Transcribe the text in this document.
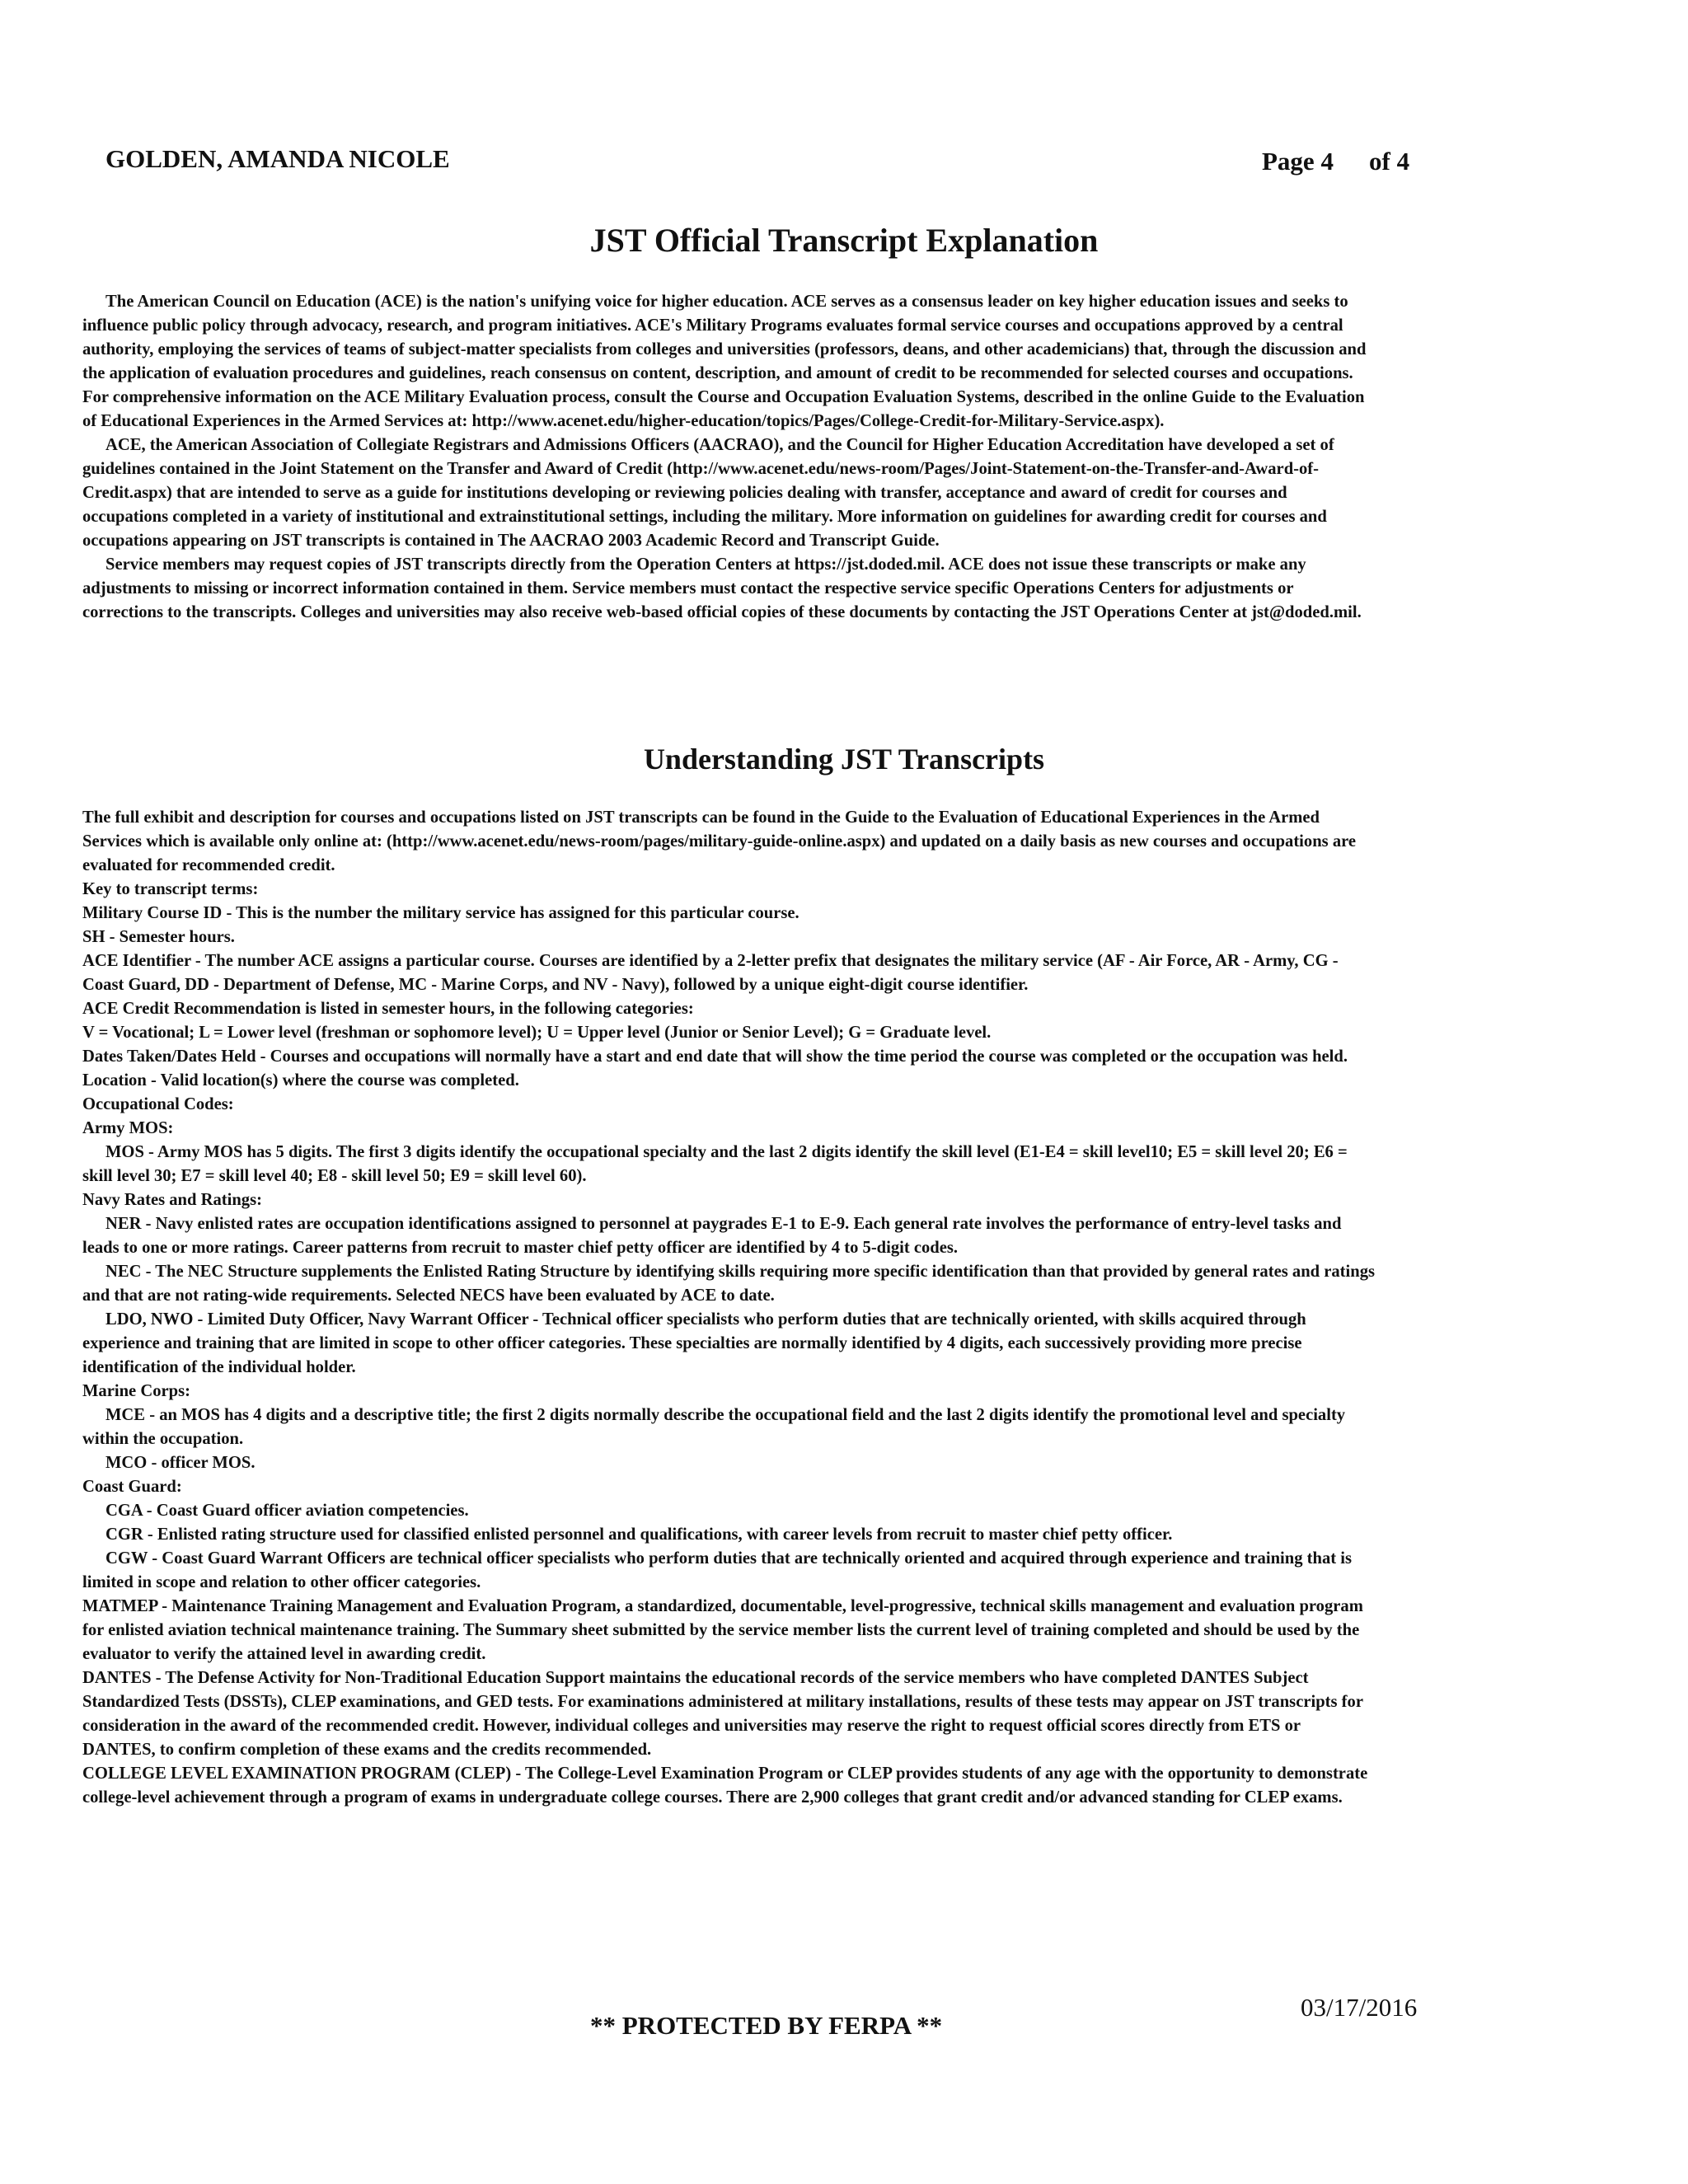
GOLDEN, AMANDA NICOLE	Page 4 of 4
JST Official Transcript Explanation

The American Council on Education (ACE) is the nation's unifying voice for higher education. ACE serves as a consensus leader on key higher education issues and seeks to influence public policy through advocacy, research, and program initiatives. ACE's Military Programs evaluates formal service courses and occupations approved by a central authority, employing the services of teams of subject-matter specialists from colleges and universities (professors, deans, and other academicians) that, through the discussion and the application of evaluation procedures and guidelines, reach consensus on content, description, and amount of credit to be recommended for selected courses and occupations. For comprehensive information on the ACE Military Evaluation process, consult the Course and Occupation Evaluation Systems, described in the online Guide to the Evaluation of Educational Experiences in the Armed Services at: http://www.acenet.edu/higher-education/topics/Pages/College-Credit-for-Military-Service.aspx).

ACE, the American Association of Collegiate Registrars and Admissions Officers (AACRAO), and the Council for Higher Education Accreditation have developed a set of guidelines contained in the Joint Statement on the Transfer and Award of Credit (http://www.acenet.edu/news-room/Pages/Joint-Statement-on-the-Transfer-and-Award-of-Credit.aspx) that are intended to serve as a guide for institutions developing or reviewing policies dealing with transfer, acceptance and award of credit for courses and occupations completed in a variety of institutional and extrainstitutional settings, including the military. More information on guidelines for awarding credit for courses and occupations appearing on JST transcripts is contained in The AACRAO 2003 Academic Record and Transcript Guide.

Service members may request copies of JST transcripts directly from the Operation Centers at https://jst.doded.mil. ACE does not issue these transcripts or make any adjustments to missing or incorrect information contained in them. Service members must contact the respective service specific Operations Centers for adjustments or corrections to the transcripts. Colleges and universities may also receive web-based official copies of these documents by contacting the JST Operations Center at jst@doded.mil.

Understanding JST Transcripts

The full exhibit and description for courses and occupations listed on JST transcripts can be found in the Guide to the Evaluation of Educational Experiences in the Armed Services which is available only online at: (http://www.acenet.edu/news-room/pages/military-guide-online.aspx) and updated on a daily basis as new courses and occupations are evaluated for recommended credit.

Key to transcript terms:

Military Course ID - This is the number the military service has assigned for this particular course.

SH - Semester hours.

ACE Identifier - The number ACE assigns a particular course. Courses are identified by a 2-letter prefix that designates the military service (AF - Air Force, AR - Army, CG - Coast Guard, DD - Department of Defense, MC - Marine Corps, and NV - Navy), followed by a unique eight-digit course identifier.

ACE Credit Recommendation is listed in semester hours, in the following categories:

V = Vocational; L = Lower level (freshman or sophomore level); U = Upper level (Junior or Senior Level); G = Graduate level.

Dates Taken/Dates Held - Courses and occupations will normally have a start and end date that will show the time period the course was completed or the occupation was held.

Location - Valid location(s) where the course was completed.

Occupational Codes:

Army MOS:

MOS - Army MOS has 5 digits. The first 3 digits identify the occupational specialty and the last 2 digits identify the skill level (E1-E4 = skill level10; E5 = skill level 20; E6 = skill level 30; E7 = skill level 40; E8 - skill level 50; E9 = skill level 60).

Navy Rates and Ratings:

NER - Navy enlisted rates are occupation identifications assigned to personnel at paygrades E-1 to E-9. Each general rate involves the performance of entry-level tasks and leads to one or more ratings. Career patterns from recruit to master chief petty officer are identified by 4 to 5-digit codes.

NEC - The NEC Structure supplements the Enlisted Rating Structure by identifying skills requiring more specific identification than that provided by general rates and ratings and that are not rating-wide requirements. Selected NECS have been evaluated by ACE to date.

LDO, NWO - Limited Duty Officer, Navy Warrant Officer - Technical officer specialists who perform duties that are technically oriented, with skills acquired through experience and training that are limited in scope to other officer categories. These specialties are normally identified by 4 digits, each successively providing more precise identification of the individual holder.

Marine Corps:

MCE - an MOS has 4 digits and a descriptive title; the first 2 digits normally describe the occupational field and the last 2 digits identify the promotional level and specialty within the occupation.

MCO - officer MOS.

Coast Guard:

CGA - Coast Guard officer aviation competencies.

CGR - Enlisted rating structure used for classified enlisted personnel and qualifications, with career levels from recruit to master chief petty officer.

CGW - Coast Guard Warrant Officers are technical officer specialists who perform duties that are technically oriented and acquired through experience and training that is limited in scope and relation to other officer categories.

MATMEP - Maintenance Training Management and Evaluation Program, a standardized, documentable, level-progressive, technical skills management and evaluation program for enlisted aviation technical maintenance training. The Summary sheet submitted by the service member lists the current level of training completed and should be used by the evaluator to verify the attained level in awarding credit.

DANTES - The Defense Activity for Non-Traditional Education Support maintains the educational records of the service members who have completed DANTES Subject Standardized Tests (DSSTs), CLEP examinations, and GED tests. For examinations administered at military installations, results of these tests may appear on JST transcripts for consideration in the award of the recommended credit. However, individual colleges and universities may reserve the right to request official scores directly from ETS or DANTES, to confirm completion of these exams and the credits recommended.

COLLEGE LEVEL EXAMINATION PROGRAM (CLEP) - The College-Level Examination Program or CLEP provides students of any age with the opportunity to demonstrate college-level achievement through a program of exams in undergraduate college courses. There are 2,900 colleges that grant credit and/or advanced standing for CLEP exams.

** PROTECTED BY FERPA **
03/17/2016
